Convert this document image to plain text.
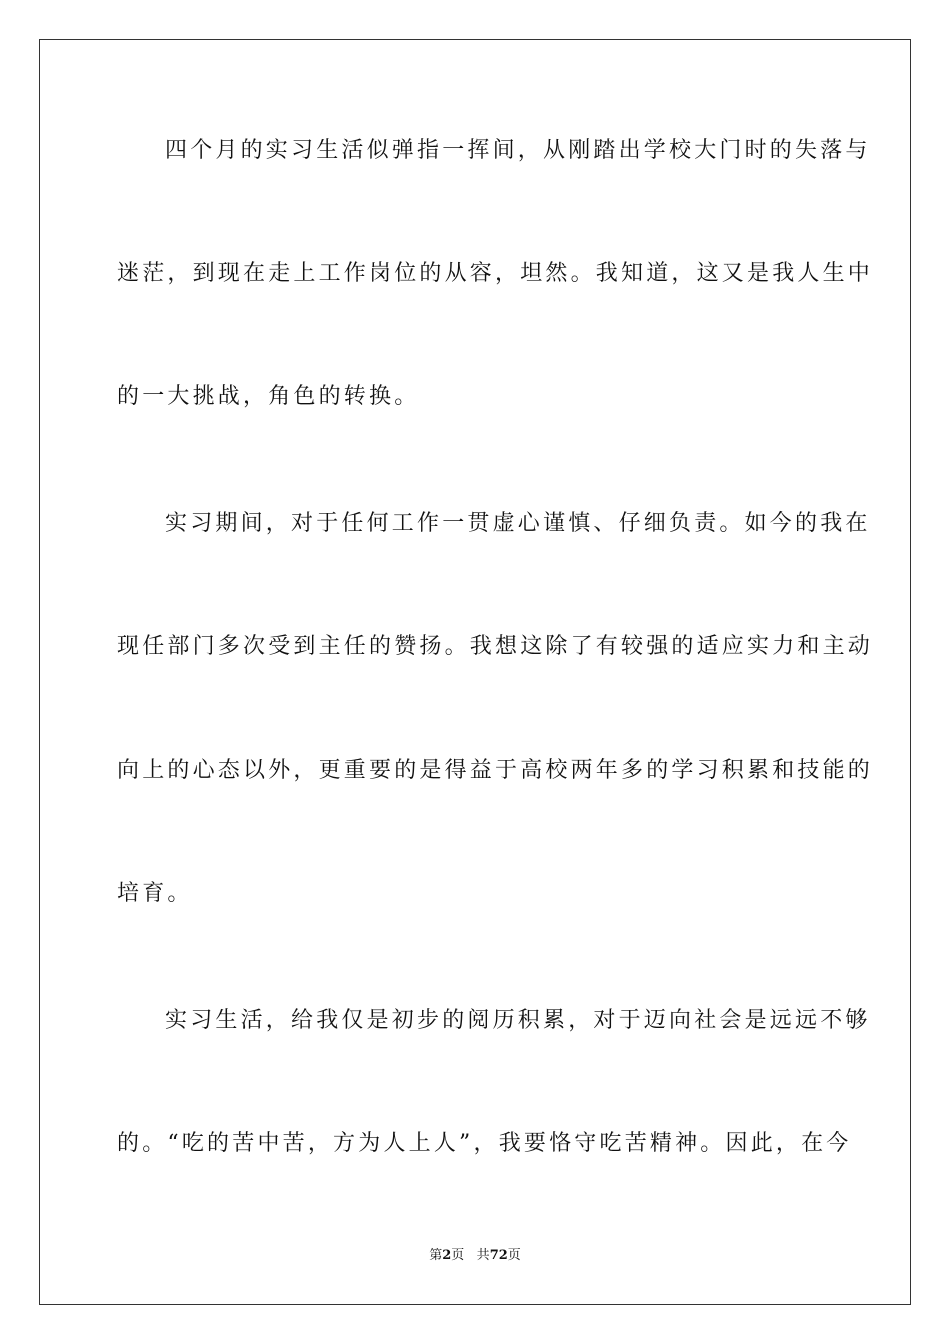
四个月的实习生活似弹指一挥间，从刚踏出学校大门时的失落与
迷茫，到现在走上工作岗位的从容，坦然。我知道，这又是我人生中
的一大挑战，角色的转换。
实习期间，对于任何工作一贯虚心谨慎、仔细负责。如今的我在
现任部门多次受到主任的赞扬。我想这除了有较强的适应实力和主动
向上的心态以外，更重要的是得益于高校两年多的学习积累和技能的
培育。
实习生活，给我仅是初步的阅历积累，对于迈向社会是远远不够
的。“吃的苦中苦，方为人上人”，我要恪守吃苦精神。因此，在今
第2页 共72页
